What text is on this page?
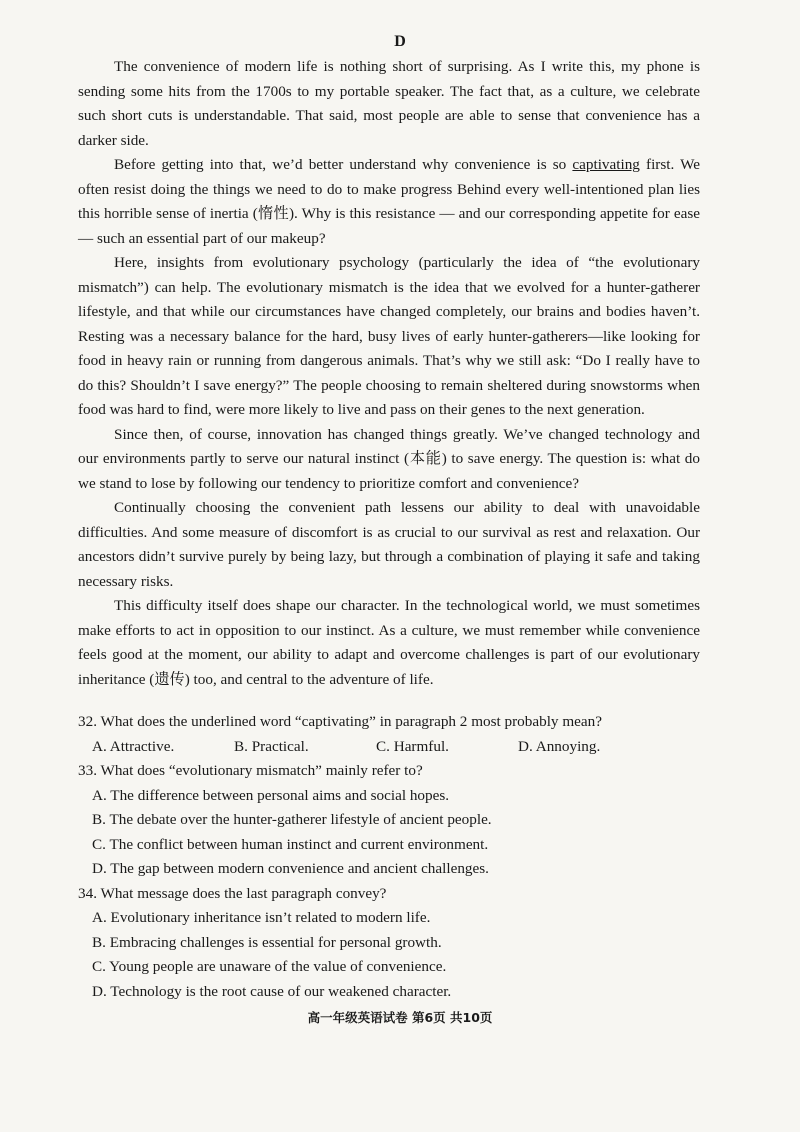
D

The convenience of modern life is nothing short of surprising. As I write this, my phone is sending some hits from the 1700s to my portable speaker. The fact that, as a culture, we celebrate such short cuts is understandable. That said, most people are able to sense that convenience has a darker side.

Before getting into that, we’d better understand why convenience is so captivating first. We often resist doing the things we need to do to make progress Behind every well-intentioned plan lies this horrible sense of inertia (惰性). Why is this resistance — and our corresponding appetite for ease — such an essential part of our makeup?

Here, insights from evolutionary psychology (particularly the idea of “the evolutionary mismatch”) can help. The evolutionary mismatch is the idea that we evolved for a hunter-gatherer lifestyle, and that while our circumstances have changed completely, our brains and bodies haven’t. Resting was a necessary balance for the hard, busy lives of early hunter-gatherers—like looking for food in heavy rain or running from dangerous animals. That’s why we still ask: “Do I really have to do this? Shouldn’t I save energy?” The people choosing to remain sheltered during snowstorms when food was hard to find, were more likely to live and pass on their genes to the next generation.

Since then, of course, innovation has changed things greatly. We’ve changed technology and our environments partly to serve our natural instinct (本能) to save energy. The question is: what do we stand to lose by following our tendency to prioritize comfort and convenience?

Continually choosing the convenient path lessens our ability to deal with unavoidable difficulties. And some measure of discomfort is as crucial to our survival as rest and relaxation. Our ancestors didn’t survive purely by being lazy, but through a combination of playing it safe and taking necessary risks.

This difficulty itself does shape our character. In the technological world, we must sometimes make efforts to act in opposition to our instinct. As a culture, we must remember while convenience feels good at the moment, our ability to adapt and overcome challenges is part of our evolutionary inheritance (遗传) too, and central to the adventure of life.

32. What does the underlined word “captivating” in paragraph 2 most probably mean?
A. Attractive.	B. Practical.	C. Harmful.	D. Annoying.
33. What does “evolutionary mismatch” mainly refer to?
A. The difference between personal aims and social hopes.
B. The debate over the hunter-gatherer lifestyle of ancient people.
C. The conflict between human instinct and current environment.
D. The gap between modern convenience and ancient challenges.
34. What message does the last paragraph convey?
A. Evolutionary inheritance isn’t related to modern life.
B. Embracing challenges is essential for personal growth.
C. Young people are unaware of the value of convenience.
D. Technology is the root cause of our weakened character.
高一年级英语试卷 第6页 共10页
